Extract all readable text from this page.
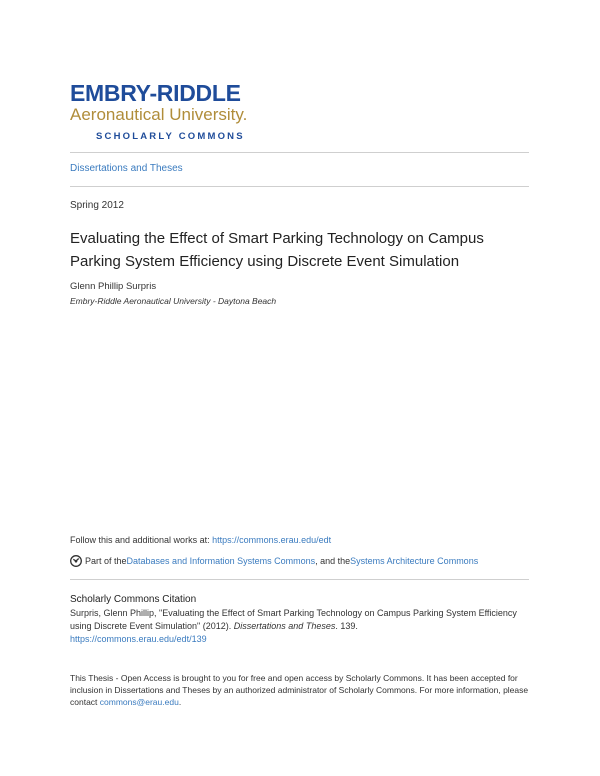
EMBRY-RIDDLE
Aeronautical University.
SCHOLARLY COMMONS
Dissertations and Theses
Spring 2012
Evaluating the Effect of Smart Parking Technology on Campus Parking System Efficiency using Discrete Event Simulation
Glenn Phillip Surpris
Embry-Riddle Aeronautical University - Daytona Beach
Follow this and additional works at: https://commons.erau.edu/edt
Part of the Databases and Information Systems Commons , and the Systems Architecture Commons
Scholarly Commons Citation
Surpris, Glenn Phillip, "Evaluating the Effect of Smart Parking Technology on Campus Parking System Efficiency using Discrete Event Simulation" (2012). Dissertations and Theses. 139.
https://commons.erau.edu/edt/139
This Thesis - Open Access is brought to you for free and open access by Scholarly Commons. It has been accepted for inclusion in Dissertations and Theses by an authorized administrator of Scholarly Commons. For more information, please contact commons@erau.edu.
